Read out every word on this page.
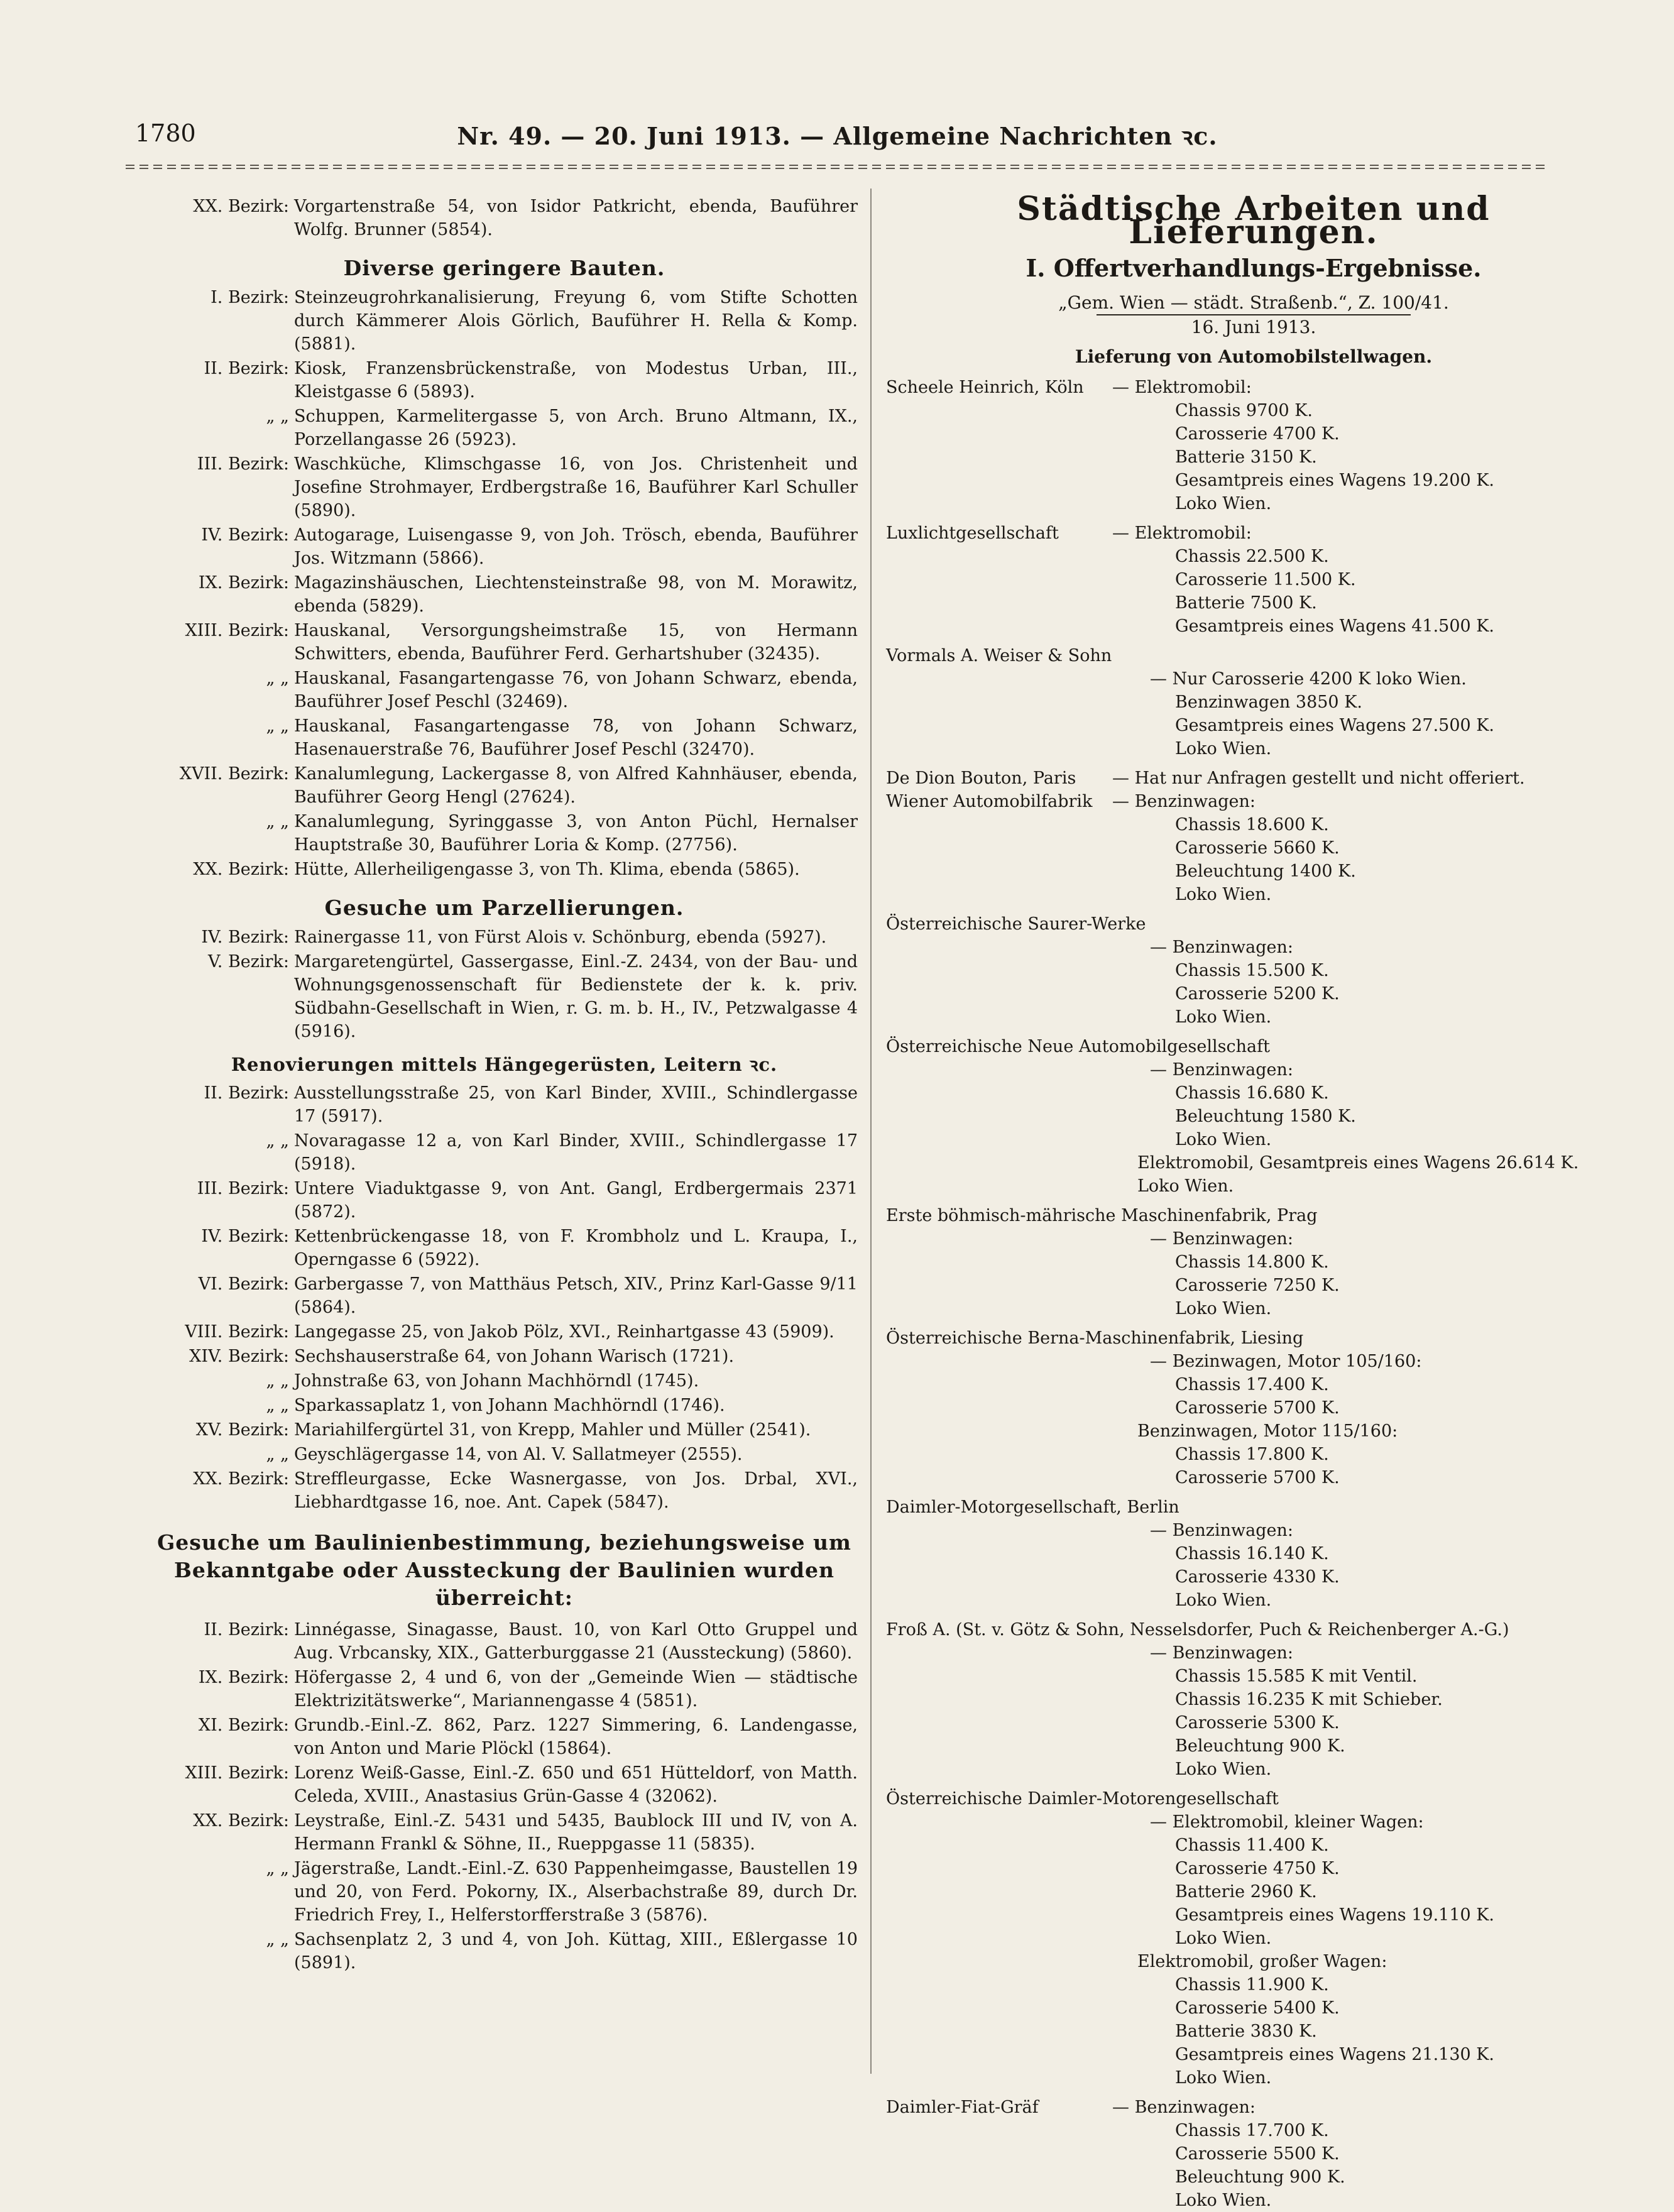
1780	Nr. 49. — 20. Juni 1913. — Allgemeine Nachrichten ꝛc.
XX. Bezirk: Vorgartenstraße 54, von Isidor Patkricht, ebenda, Bauführer Wolfg. Brunner (5854).
Diverse geringere Bauten.
I. Bezirk: Steinzeugrohrkanalisierung, Freyung 6, vom Stifte Schotten durch Kämmerer Alois Görlich, Bauführer H. Rella & Komp. (5881).
II. Bezirk: Kiosk, Franzensbrückenstraße, von Modestus Urban, III., Kleistgasse 6 (5893).
„ „ Schuppen, Karmelitergasse 5, von Arch. Bruno Altmann, IX., Porzellangasse 26 (5923).
III. Bezirk: Waschküche, Klimschgasse 16, von Jos. Christenheit und Josefine Strohmayer, Erdbergstraße 16, Bauführer Karl Schuller (5890).
IV. Bezirk: Autogarage, Luisengasse 9, von Joh. Trösch, ebenda, Bauführer Jos. Witzmann (5866).
IX. Bezirk: Magazinshäuschen, Liechtensteinstraße 98, von M. Morawitz, ebenda (5829).
XIII. Bezirk: Hauskanal, Versorgungsheimstraße 15, von Hermann Schwitters, ebenda, Bauführer Ferd. Gerhartshuber (32435).
„ „ Hauskanal, Fasangartengasse 76, von Johann Schwarz, ebenda, Bauführer Josef Peschl (32469).
„ „ Hauskanal, Fasangartengasse 78, von Johann Schwarz, Hasenauerstraße 76, Bauführer Josef Peschl (32470).
XVII. Bezirk: Kanalumlegung, Lackergasse 8, von Alfred Kahnhäuser, ebenda, Bauführer Georg Hengl (27624).
„ „ Kanalumlegung, Syringgasse 3, von Anton Püchl, Hernalser Hauptstraße 30, Bauführer Loria & Komp. (27756).
XX. Bezirk: Hütte, Allerheiligengasse 3, von Th. Klima, ebenda (5865).
Gesuche um Parzellierungen.
IV. Bezirk: Rainergasse 11, von Fürst Alois v. Schönburg, ebenda (5927).
V. Bezirk: Margaretengürtel, Gassergasse, Einl.-Z. 2434, von der Bau- und Wohnungsgenossenschaft für Bedienstete der k. k. priv. Südbahn-Gesellschaft in Wien, r. G. m. b. H., IV., Petzwalgasse 4 (5916).
Renovierungen mittels Hängegerüsten, Leitern ꝛc.
II. Bezirk: Ausstellungsstraße 25, von Karl Binder, XVIII., Schindlergasse 17 (5917).
„ „ Novaragasse 12 a, von Karl Binder, XVIII., Schindlergasse 17 (5918).
III. Bezirk: Untere Viaduktgasse 9, von Ant. Gangl, Erdbergermais 2371 (5872).
IV. Bezirk: Kettenbrückengasse 18, von F. Krombholz und L. Kraupa, I., Operngasse 6 (5922).
VI. Bezirk: Garbergasse 7, von Matthäus Petsch, XIV., Prinz Karl-Gasse 9/11 (5864).
VIII. Bezirk: Langegasse 25, von Jakob Pölz, XVI., Reinhartgasse 43 (5909).
XIV. Bezirk: Sechshauserstraße 64, von Johann Warisch (1721).
„ „ Johnstraße 63, von Johann Machhörndl (1745).
„ „ Sparkassaplatz 1, von Johann Machhörndl (1746).
XV. Bezirk: Mariahilfergürtel 31, von Krepp, Mahler und Müller (2541).
„ „ Geyschlägergasse 14, von Al. V. Sallatmeyer (2555).
XX. Bezirk: Streffleurgasse, Ecke Wasnergasse, von Jos. Drbal, XVI., Liebhardtgasse 16, noe. Ant. Capek (5847).
Gesuche um Baulinienbestimmung, beziehungsweise um Bekanntgabe oder Aussteckung der Baulinien wurden überreicht:
II. Bezirk: Linnégasse, Sinagasse, Baust. 10, von Karl Otto Gruppel und Aug. Vrbcansky, XIX., Gatterburggasse 21 (Aussteckung) (5860).
IX. Bezirk: Höfergasse 2, 4 und 6, von der „Gemeinde Wien — städtische Elektrizitätswerke“, Mariannengasse 4 (5851).
XI. Bezirk: Grundb.-Einl.-Z. 862, Parz. 1227 Simmering, 6. Landengasse, von Anton und Marie Plöckl (15864).
XIII. Bezirk: Lorenz Weiß-Gasse, Einl.-Z. 650 und 651 Hütteldorf, von Matth. Celeda, XVIII., Anastasius Grün-Gasse 4 (32062).
XX. Bezirk: Leystraße, Einl.-Z. 5431 und 5435, Baublock III und IV, von A. Hermann Frankl & Söhne, II., Rueppgasse 11 (5835).
„ „ Jägerstraße, Landt.-Einl.-Z. 630 Pappenheimgasse, Baustellen 19 und 20, von Ferd. Pokorny, IX., Alserbachstraße 89, durch Dr. Friedrich Frey, I., Helferstorfferstraße 3 (5876).
„ „ Sachsenplatz 2, 3 und 4, von Joh. Küttag, XIII., Eßlergasse 10 (5891).
Städtische Arbeiten und Lieferungen.
I. Offertverhandlungs-Ergebnisse.
„Gem. Wien — städt. Straßenb.“, Z. 100/41.
16. Juni 1913.
Lieferung von Automobilstellwagen.
Scheele Heinrich, Köln — Elektromobil:
Chassis 9700 K.
Carosserie 4700 K.
Batterie 3150 K.
Gesamtpreis eines Wagens 19.200 K.
Loko Wien.
Luxlichtgesellschaft	— Elektromobil:
Chassis 22.500 K.
Carosserie 11.500 K.
Batterie 7500 K.
Gesamtpreis eines Wagens 41.500 K.
Vormals A. Weiser & Sohn
— Nur Carosserie 4200 K loko Wien.
Benzinwagen 3850 K.
Gesamtpreis eines Wagens 27.500 K.
Loko Wien.
De Dion Bouton, Paris — Hat nur Anfragen gestellt und nicht offeriert.
Wiener Automobilfabrik — Benzinwagen:
Chassis 18.600 K.
Carosserie 5660 K.
Beleuchtung 1400 K.
Loko Wien.
Österreichische Saurer-Werke
— Benzinwagen:
Chassis 15.500 K.
Carosserie 5200 K.
Loko Wien.
Österreichische Neue Automobilgesellschaft
— Benzinwagen:
Chassis 16.680 K.
Beleuchtung 1580 K.
Loko Wien.
Elektromobil, Gesamtpreis eines Wagens 26.614 K.
Loko Wien.
Erste böhmisch-mährische Maschinenfabrik, Prag
— Benzinwagen:
Chassis 14.800 K.
Carosserie 7250 K.
Loko Wien.
Österreichische Berna-Maschinenfabrik, Liesing
— Bezinwagen, Motor 105/160:
Chassis 17.400 K.
Carosserie 5700 K.
Benzinwagen, Motor 115/160:
Chassis 17.800 K.
Carosserie 5700 K.
Daimler-Motorgesellschaft, Berlin
— Benzinwagen:
Chassis 16.140 K.
Carosserie 4330 K.
Loko Wien.
Froß A. (St. v. Götz & Sohn, Nesselsdorfer, Puch & Reichenberger A.-G.)
— Benzinwagen:
Chassis 15.585 K mit Ventil.
Chassis 16.235 K mit Schieber.
Carosserie 5300 K.
Beleuchtung 900 K.
Loko Wien.
Österreichische Daimler-Motorengesellschaft
— Elektromobil, kleiner Wagen:
Chassis 11.400 K.
Carosserie 4750 K.
Batterie 2960 K.
Gesamtpreis eines Wagens 19.110 K.
Loko Wien.
Elektromobil, großer Wagen:
Chassis 11.900 K.
Carosserie 5400 K.
Batterie 3830 K.
Gesamtpreis eines Wagens 21.130 K.
Loko Wien.
Daimler-Fiat-Gräf	— Benzinwagen:
Chassis 17.700 K.
Carosserie 5500 K.
Beleuchtung 900 K.
Loko Wien.
